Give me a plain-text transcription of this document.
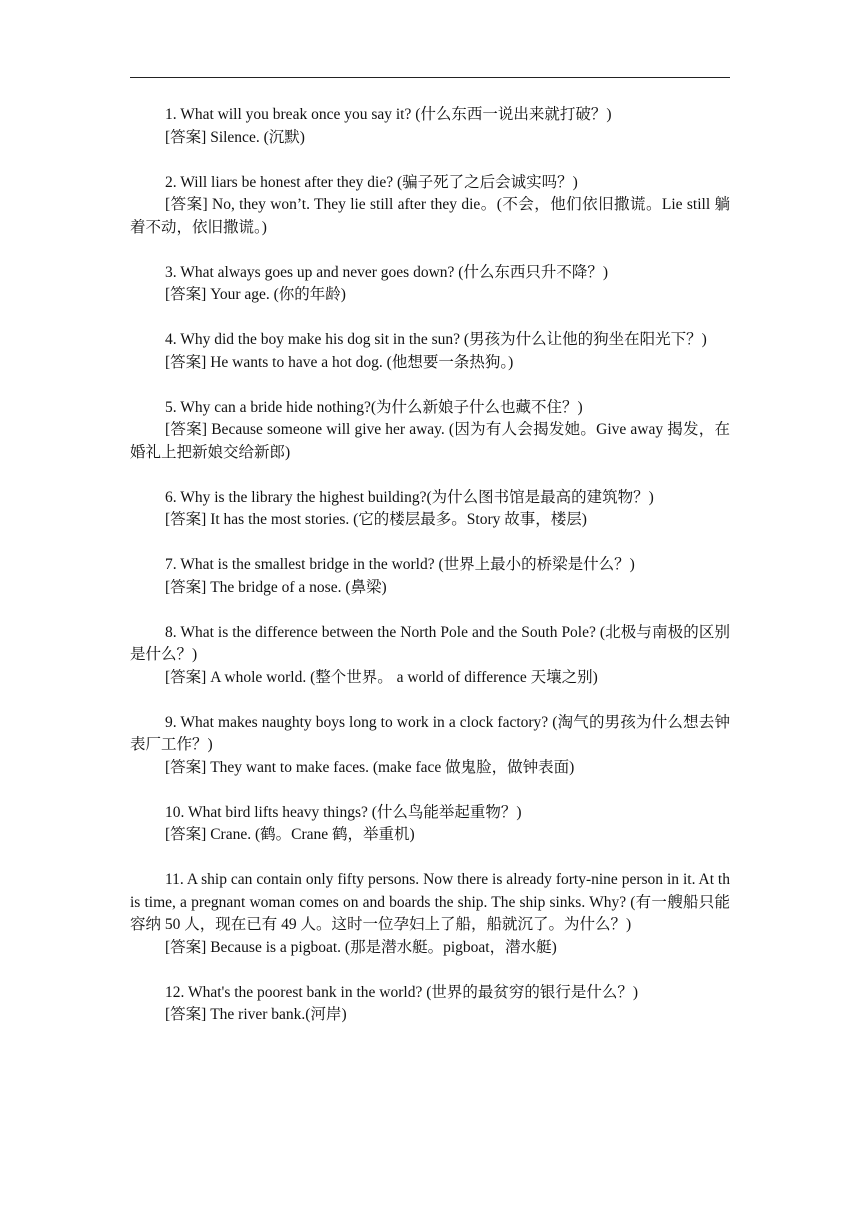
1. What will you break once you say it? (什么东西一说出来就打破？)

[答案] Silence. (沉默)

2. Will liars be honest after they die? (骗子死了之后会诚实吗？)

[答案] No, they won’t. They lie still after they die。(不会，他们依旧撒谎。Lie still 躺着不动，依旧撒谎。)

3. What always goes up and never goes down? (什么东西只升不降？)

[答案] Your age. (你的年龄)

4. Why did the boy make his dog sit in the sun? (男孩为什么让他的狗坐在阳光下？)

[答案] He wants to have a hot dog. (他想要一条热狗。)

5. Why can a bride hide nothing?(为什么新娘子什么也藏不住？)

[答案] Because someone will give her away. (因为有人会揭发她。Give away 揭发，在婚礼上把新娘交给新郎)

6. Why is the library the highest building?(为什么图书馆是最高的建筑物？)

[答案] It has the most stories. (它的楼层最多。Story 故事，楼层)

7. What is the smallest bridge in the world? (世界上最小的桥梁是什么？)

[答案] The bridge of a nose. (鼻梁)

8. What is the difference between the North Pole and the South Pole? (北极与南极的区别是什么？)

[答案] A whole world. (整个世界。 a world of difference 天壤之别)

9. What makes naughty boys long to work in a clock factory? (淘气的男孩为什么想去钟表厂工作？)

[答案] They want to make faces. (make face 做鬼脸，做钟表面)

10. What bird lifts heavy things? (什么鸟能举起重物？)

[答案] Crane. (鹤。Crane 鹤，举重机)

11. A ship can contain only fifty persons. Now there is already forty-nine person in it. At this time, a pregnant woman comes on and boards the ship. The ship sinks. Why? (有一艘船只能容纳 50 人，现在已有 49 人。这时一位孕妇上了船，船就沉了。为什么？)

[答案] Because is a pigboat. (那是潜水艇。pigboat，潜水艇)

12. What's the poorest bank in the world? (世界的最贫穷的银行是什么？)

[答案] The river bank.(河岸)
